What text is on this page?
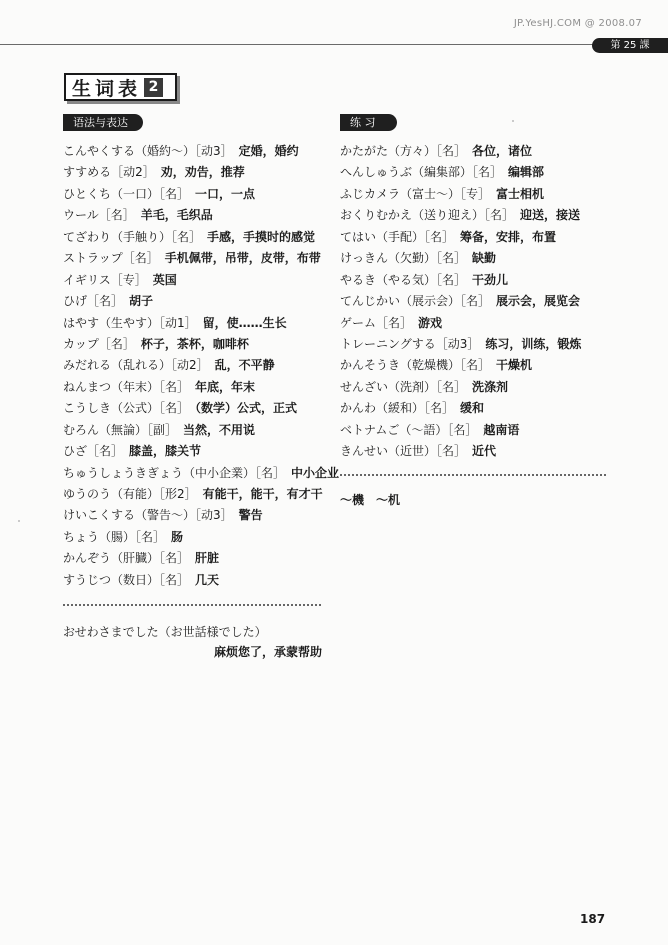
JP.YesHJ.COM @ 2008.07
第 25 課
生词表 2
语法与表达	练 习
こんやくする（婚約～）［动3］ 定婚，婚约
すすめる［动2］ 劝，劝告，推荐
ひとくち（一口）［名］ 一口，一点
ウール［名］ 羊毛，毛织品
てざわり（手触り）［名］ 手感，手摸时的感觉
ストラップ［名］ 手机佩带，吊带，皮带，布带
イギリス［专］ 英国
ひげ［名］ 胡子
はやす（生やす）［动1］ 留，使……生长
カップ［名］ 杯子，茶杯，咖啡杯
みだれる（乱れる）［动2］ 乱，不平静
ねんまつ（年末）［名］ 年底，年末
こうしき（公式）［名］ （数学）公式，正式
むろん（無論）［副］ 当然，不用说
ひざ［名］ 膝盖，膝关节
ちゅうしょうきぎょう（中小企業）［名］ 中小企业
ゆうのう（有能）［形2］ 有能干，能干，有才干
けいこくする（警告～）［动3］ 警告
ちょう（腸）［名］ 肠
かんぞう（肝臓）［名］ 肝脏
すうじつ（数日）［名］ 几天
かたがた（方々）［名］ 各位，诸位
へんしゅうぶ（編集部）［名］ 编辑部
ふじカメラ（富士～）［专］ 富士相机
おくりむかえ（送り迎え）［名］ 迎送，接送
てはい（手配）［名］ 筹备，安排，布置
けっきん（欠勤）［名］ 缺勤
やるき（やる気）［名］ 干劲儿
てんじかい（展示会）［名］ 展示会，展览会
ゲーム［名］ 游戏
トレーニングする［动3］ 练习，训练，锻炼
かんそうき（乾燥機）［名］ 干燥机
せんざい（洗剤）［名］ 洗涤剂
かんわ（緩和）［名］ 缓和
ベトナムご（～語）［名］ 越南语
きんせい（近世）［名］ 近代
おせわさまでした（お世話様でした）
麻烦您了，承蒙帮助
～機　～机
187
